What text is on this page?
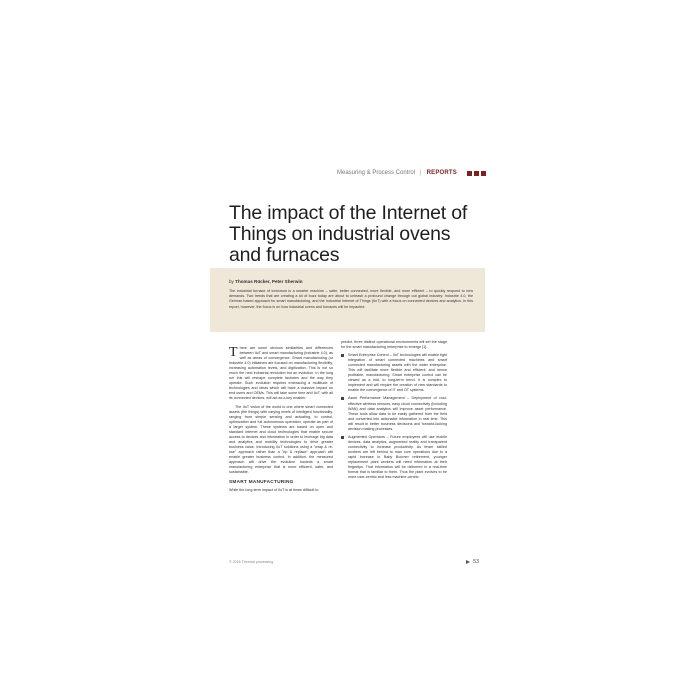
Measuring & Process Control | REPORTS
The impact of the Internet of Things on industrial ovens and furnaces
by Thomas Rücker, Peter Sherwin

The industrial furnace of tomorrow is a smarter machine – safer, better connected, more flexible, and more efficient – to quickly respond to new demands. Two trends that are creating a lot of buzz today are about to unleash a profound change through out global industry: Industrie 4.0, the German based approach for smart manufacturing, and the Industrial Internet of Things (IIoT) with a focus on connected devices and analytics. In this report, however, the focus is on how industrial ovens and furnaces will be impacted.

There are some obvious similarities and differences between IIoT and smart manufacturing (Industrie 4.0), as well as areas of convergence. Smart manufacturing (or Industrie 4.0) initiatives are focused on manufacturing flexibility, increasing automation levels, and digitization. This is not so much the next industrial revolution but an evolution. In the long run this will reshape complete factories and the way they operate. Such evolution requires embracing a multitude of technologies and ideas which will have a massive impact on end users and OEMs. This will take some time and IIoT, with all its connected devices, will act as a key enabler.

The IIoT vision of the world is one where smart connected assets (the things) with varying levels of intelligent functionality, ranging from simple sensing and actuating, to control, optimization and full autonomous operation, operate as part of a larger system. These systems are based on open and standard internet and cloud technologies that enable secure access to devices and information in order to leverage big data and analytics and mobility technologies to drive greater business value. Introducing IIoT solutions using a "wrap & re-use" approach rather than a "rip & replace" approach will enable greater business control. In addition, the measured approach will drive the evolution towards a smart manufacturing enterprise that is more efficient, safer, and sustainable.

SMART MANUFACTURING

While the long-term impact of IIoT is at times difficult to

predict, three distinct operational environments will set the stage for the smart manufacturing enterprise to emerge [1].

Smart Enterprise Control – IIoT technologies will enable tight integration of smart connected machines and smart connected manufacturing assets with the wider enterprise. This will facilitate more flexible and efficient, and hence profitable, manufacturing. Smart enterprise control can be viewed as a mid- to long-term trend. It is complex to implement and will require the creation of new standards to enable the convergence of IT and OT systems.
Asset Performance Management – Deployment of cost-effective wireless sensors, easy cloud connectivity (including WAN) and data analytics will improve asset performance. These tools allow data to be easily gathered from the field and converted into actionable information in real time. This will result in better business decisions and forward-looking decision making processes.
Augmented Operators – Future employees will use mobile devices, data analytics, augmented reality and transparent connectivity to increase productivity. As fewer skilled workers are left behind to man core operations due to a rapid increase in Baby Boomer retirement, younger replacement plant workers will need information at their fingertips. That information will be delivered in a real-time format that is familiar to them. Thus the plant evolves to be more user-centric and less machine-centric.
© 2016 Thermal processing	53
